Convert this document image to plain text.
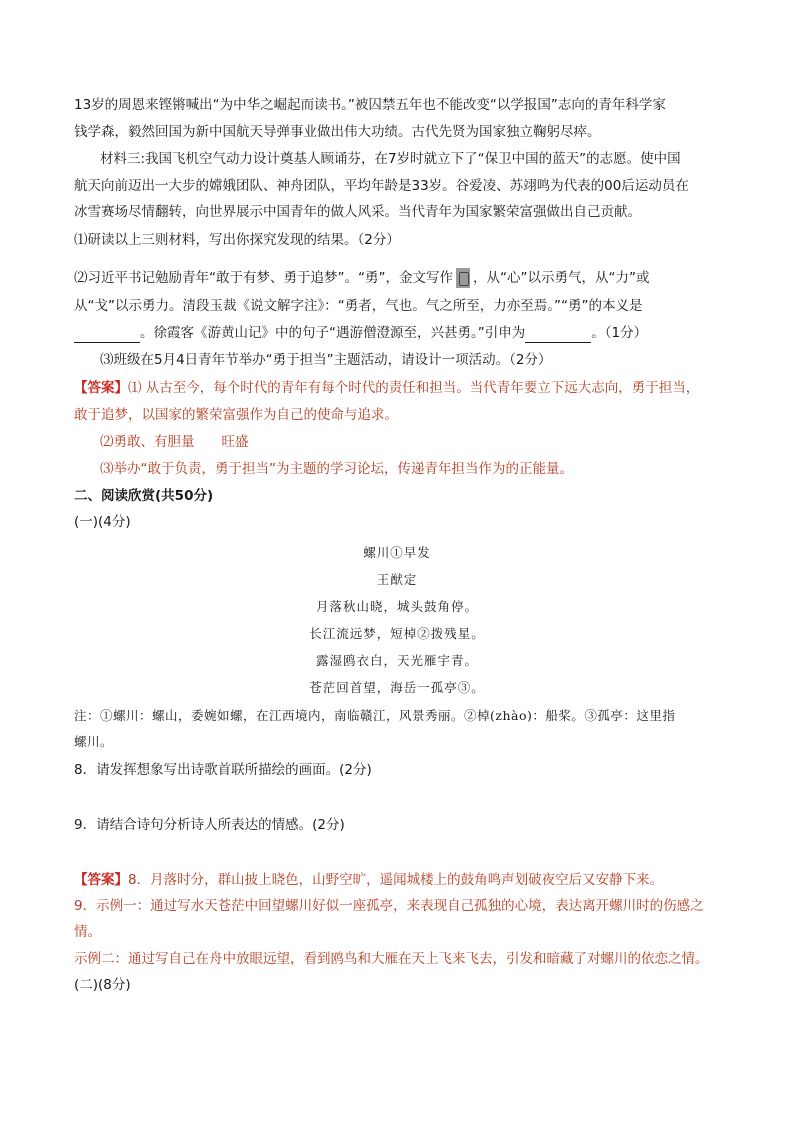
13岁的周恩来铿锵喊出“为中华之崛起而读书。”被囚禁五年也不能改变“以学报国”志向的青年科学家
钱学森，毅然回国为新中国航天导弹事业做出伟大功绩。古代先贤为国家独立鞠躬尽瘁。
材料三:我国飞机空气动力设计奠基人顾诵芬，在7岁时就立下了“保卫中国的蓝天”的志愿。使中国
航天向前迈出一大步的嫦娥团队、神舟团队，平均年龄是33岁。谷爱凌、苏翊鸣为代表的00后运动员在
冰雪赛场尽情翻转，向世界展示中国青年的做人风采。当代青年为国家繁荣富强做出自己贡献。
⑴研读以上三则材料，写出你探究发现的结果。（2分）
⑵习近平书记勉励青年“敢于有梦、勇于追梦”。“勇”，金文写作 ，从“心”以示勇气，从“力”或
从“戈”以示勇力。清段玉裁《说文解字注》：“勇者，气也。气之所至，力亦至焉。”“勇”的本义是
。徐霞客《游黄山记》中的句子“遇游僧澄源至，兴甚勇。”引申为	。（1分）
⑶班级在5月4日青年节举办“勇于担当”主题活动，请设计一项活动。（2分）
【答案】⑴ 从古至今，每个时代的青年有每个时代的责任和担当。当代青年要立下远大志向，勇于担当，
敢于追梦，以国家的繁荣富强作为自己的使命与追求。
⑵勇敢、有胆量　　旺盛
⑶举办“敢于负责，勇于担当”为主题的学习论坛，传递青年担当作为的正能量。
二、阅读欣赏(共50分)
(一)(4分)
螺川①早发
王猷定
月落秋山晓，城头鼓角停。
长江流远梦，短棹②拨残星。
露湿鸥衣白，天光雁宇青。
苍茫回首望，海岳一孤亭③。
注：①螺川：螺山，委婉如螺，在江西境内，南临赣江，风景秀丽。②棹(zhào)：船桨。③孤亭：这里指
螺川。
8．请发挥想象写出诗歌首联所描绘的画面。(2分)
9．请结合诗句分析诗人所表达的情感。(2分)
【答案】8．月落时分，群山披上晓色，山野空旷，遥闻城楼上的鼓角鸣声划破夜空后又安静下来。
9．示例一：通过写水天苍茫中回望螺川好似一座孤亭，来表现自己孤独的心境，表达离开螺川时的伤感之
情。
示例二：通过写自己在舟中放眼远望，看到鸥鸟和大雁在天上飞来飞去，引发和暗藏了对螺川的依恋之情。
(二)(8分)
